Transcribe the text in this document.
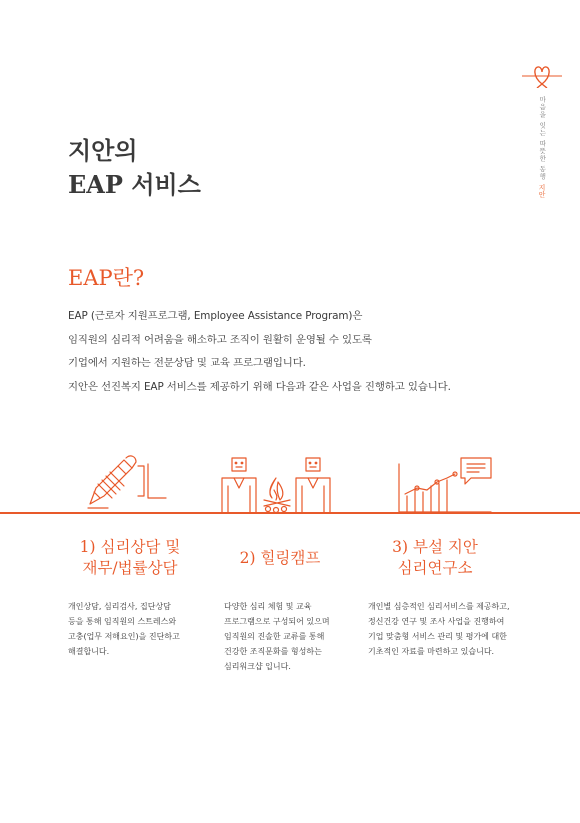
마음을 잇는 따뜻한 동행
지안
지안의
EAP 서비스
EAP란?

EAP (근로자 지원프로그램, Employee Assistance Program)은

임직원의 심리적 어려움을 해소하고 조직이 원활히 운영될 수 있도록

기업에서 지원하는 전문상담 및 교육 프로그램입니다.

지안은 선진복지 EAP 서비스를 제공하기 위해 다음과 같은 사업을 진행하고 있습니다.

1) 심리상담 및
재무/법률상담

개인상담, 심리검사, 집단상담

등을 통해 임직원의 스트레스와

고충(업무 저해요인)을 진단하고

해결합니다.

2) 힐링캠프

다양한 심리 체험 및 교육

프로그램으로 구성되어 있으며

임직원의 진솔한 교류를 통해

건강한 조직문화를 형성하는

심리워크샵 입니다.

3) 부설 지안
심리연구소

개인별 심층적인 심리서비스를 제공하고,

정신건강 연구 및 조사 사업을 진행하여

기업 맞춤형 서비스 관리 및 평가에 대한

기초적인 자료를 마련하고 있습니다.
